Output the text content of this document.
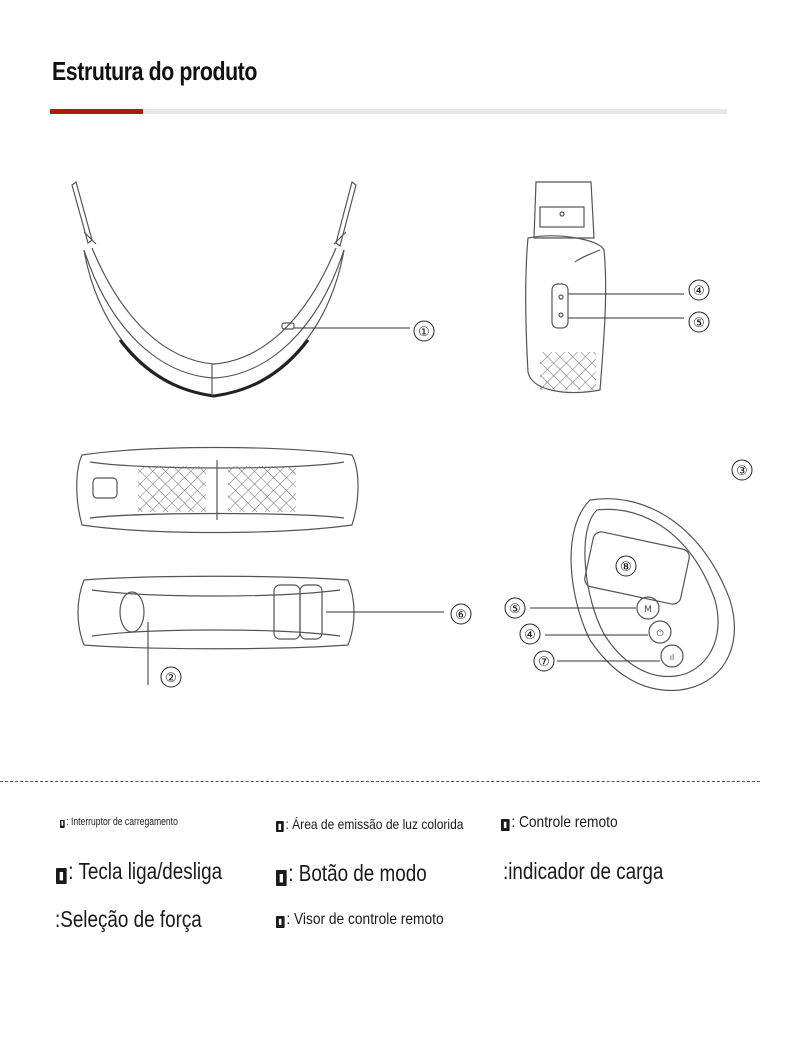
Estrutura do produto
M
⏻
ıl
①
②
③
④
⑤
⑥
⑦
⑧
⑤
④
▮ : Interruptor de carregamento	▮ : Área de emissão de luz colorida	▮ : Controle remoto
▮ : Tecla liga/desliga	▮ : Botão de modo	:indicador de carga
:Seleção de força	▮ : Visor de controle remoto
